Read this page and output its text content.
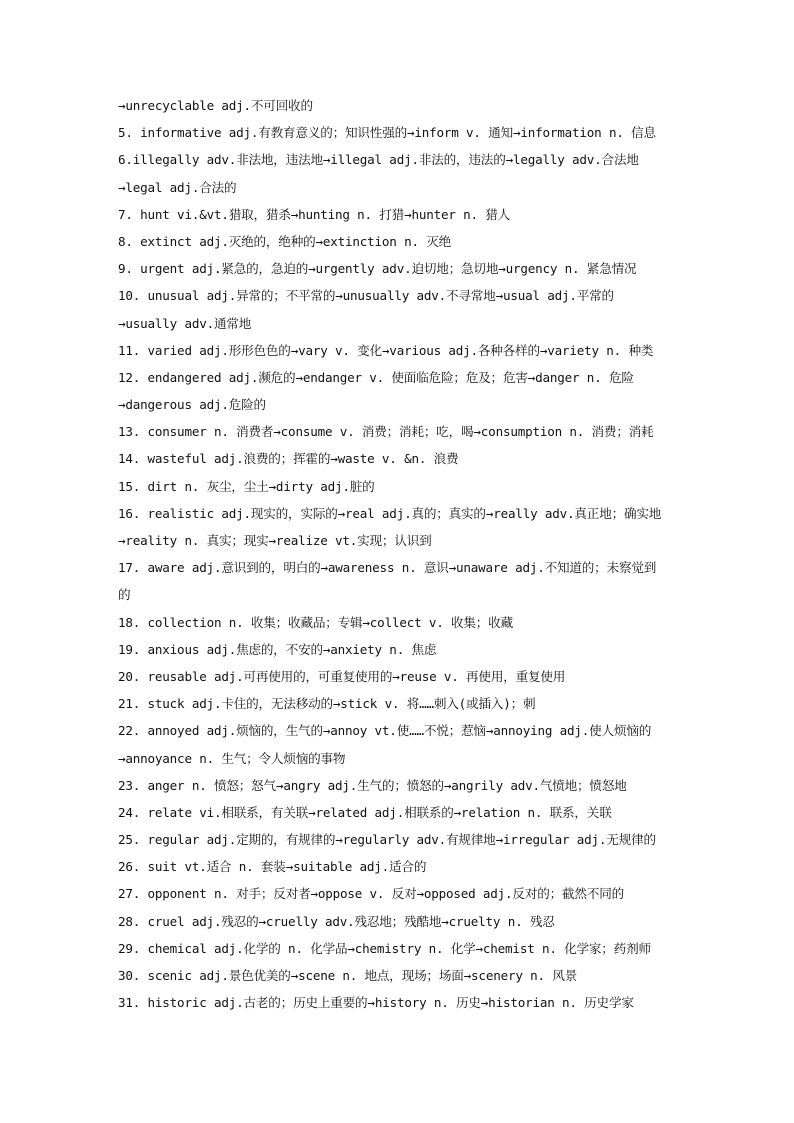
→unrecyclable adj.不可回收的
5. informative adj.有教育意义的；知识性强的→inform v. 通知→information n. 信息
6.illegally adv.非法地，违法地→illegal adj.非法的，违法的→legally adv.合法地
→legal adj.合法的
7. hunt vi.&vt.猎取，猎杀→hunting n. 打猎→hunter n. 猎人
8. extinct adj.灭绝的，绝种的→extinction n. 灭绝
9. urgent adj.紧急的，急迫的→urgently adv.迫切地；急切地→urgency n. 紧急情况
10. unusual adj.异常的；不平常的→unusually adv.不寻常地→usual adj.平常的
→usually adv.通常地
11. varied adj.形形色色的→vary v. 变化→various adj.各种各样的→variety n. 种类
12. endangered adj.濒危的→endanger v. 使面临危险；危及；危害→danger n. 危险
→dangerous adj.危险的
13. consumer n. 消费者→consume v. 消费；消耗；吃，喝→consumption n. 消费；消耗
14. wasteful adj.浪费的；挥霍的→waste v. &n. 浪费
15. dirt n. 灰尘，尘土→dirty adj.脏的
16. realistic adj.现实的，实际的→real adj.真的；真实的→really adv.真正地；确实地
→reality n. 真实；现实→realize vt.实现；认识到
17. aware adj.意识到的，明白的→awareness n. 意识→unaware adj.不知道的；未察觉到
的
18. collection n. 收集；收藏品；专辑→collect v. 收集；收藏
19. anxious adj.焦虑的，不安的→anxiety n. 焦虑
20. reusable adj.可再使用的，可重复使用的→reuse v. 再使用，重复使用
21. stuck adj.卡住的，无法移动的→stick v. 将……刺入(或插入)；刺
22. annoyed adj.烦恼的，生气的→annoy vt.使……不悦；惹恼→annoying adj.使人烦恼的
→annoyance n. 生气；令人烦恼的事物
23. anger n. 愤怒；怒气→angry adj.生气的；愤怒的→angrily adv.气愤地；愤怒地
24. relate vi.相联系，有关联→related adj.相联系的→relation n. 联系，关联
25. regular adj.定期的，有规律的→regularly adv.有规律地→irregular adj.无规律的
26. suit vt.适合 n. 套装→suitable adj.适合的
27. opponent n. 对手；反对者→oppose v. 反对→opposed adj.反对的；截然不同的
28. cruel adj.残忍的→cruelly adv.残忍地；残酷地→cruelty n. 残忍
29. chemical adj.化学的 n. 化学品→chemistry n. 化学→chemist n. 化学家；药剂师
30. scenic adj.景色优美的→scene n. 地点，现场；场面→scenery n. 风景
31. historic adj.古老的；历史上重要的→history n. 历史→historian n. 历史学家
